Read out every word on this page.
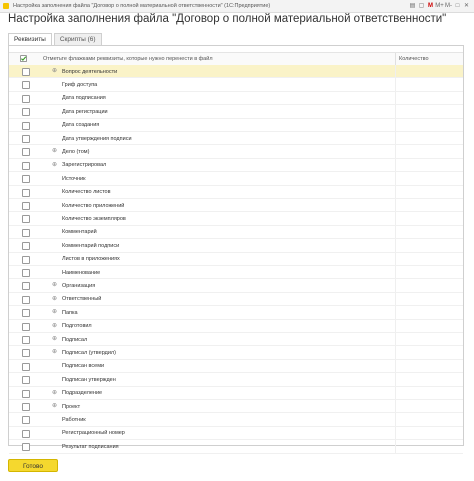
Настройка заполнения файла "Договор о полной материальной ответственности" (1С:Предприятие)	▤ ▢ M M+ M- □ ✕
Настройка заполнения файла "Договор о полной материальной ответственности"
Реквизиты	Скрипты (6)
Отметьте флажками реквизиты, которые нужно перенести в файл	Количество
⊕ Вопрос деятельности
Гриф доступа
Дата подписания
Дата регистрации
Дата создания
Дата утверждения подписи
⊕ Дело (том)
⊕ Зарегистрировал
Источник
Количество листов
Количество приложений
Количество экземпляров
Комментарий
Комментарий подписи
Листов в приложениях
Наименование
⊕ Организация
⊕ Ответственный
⊕ Папка
⊕ Подготовил
⊕ Подписал
⊕ Подписал (утвердил)
Подписан всеми
Подписан утвержден
⊕ Подразделение
⊕ Проект
Работник
Регистрационный номер
Результат подписания
Готово
